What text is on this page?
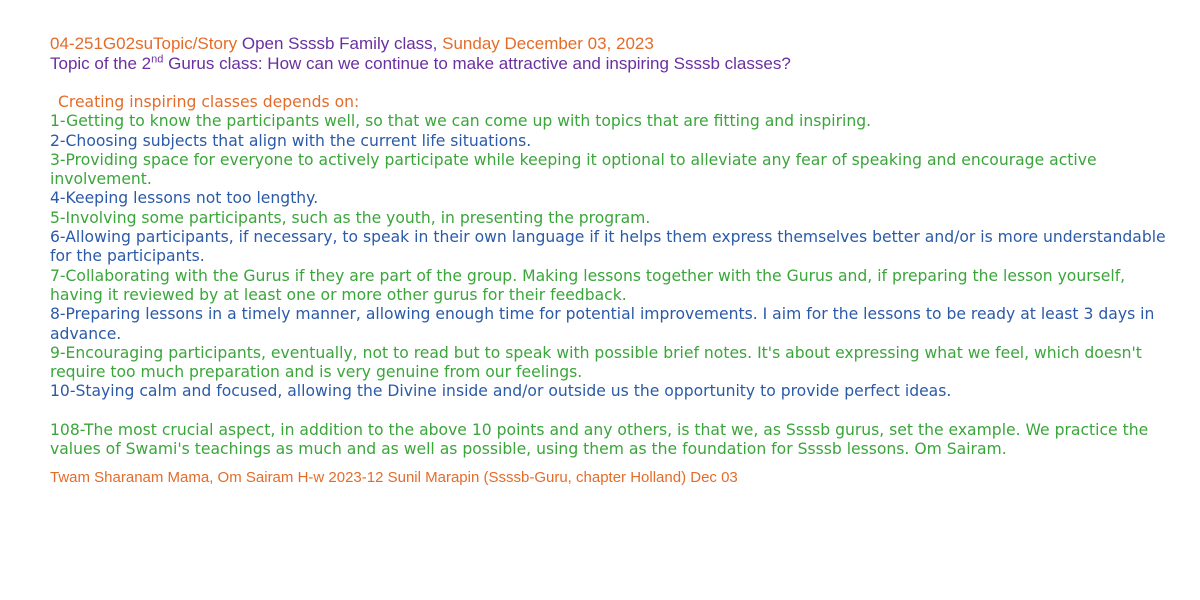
04-251G02suTopic/Story Open Ssssb Family class, Sunday December 03, 2023
Topic of the 2nd Gurus class: How can we continue to make attractive and inspiring Ssssb classes?
Creating inspiring classes depends on:
1-Getting to know the participants well, so that we can come up with topics that are fitting and inspiring.
2-Choosing subjects that align with the current life situations.
3-Providing space for everyone to actively participate while keeping it optional to alleviate any fear of speaking and encourage active involvement.
4-Keeping lessons not too lengthy.
5-Involving some participants, such as the youth, in presenting the program.
6-Allowing participants, if necessary, to speak in their own language if it helps them express themselves better and/or is more understandable for the participants.
7-Collaborating with the Gurus if they are part of the group. Making lessons together with the Gurus and, if preparing the lesson yourself, having it reviewed by at least one or more other gurus for their feedback.
8-Preparing lessons in a timely manner, allowing enough time for potential improvements. I aim for the lessons to be ready at least 3 days in advance.
9-Encouraging participants, eventually, not to read but to speak with possible brief notes. It's about expressing what we feel, which doesn't require too much preparation and is very genuine from our feelings.
10-Staying calm and focused, allowing the Divine inside and/or outside us the opportunity to provide perfect ideas.
108-The most crucial aspect, in addition to the above 10 points and any others, is that we, as Ssssb gurus, set the example. We practice the values of Swami's teachings as much and as well as possible, using them as the foundation for Ssssb lessons. Om Sairam.
Twam Sharanam Mama, Om Sairam H-w 2023-12 Sunil Marapin (Ssssb-Guru, chapter Holland) Dec 03
